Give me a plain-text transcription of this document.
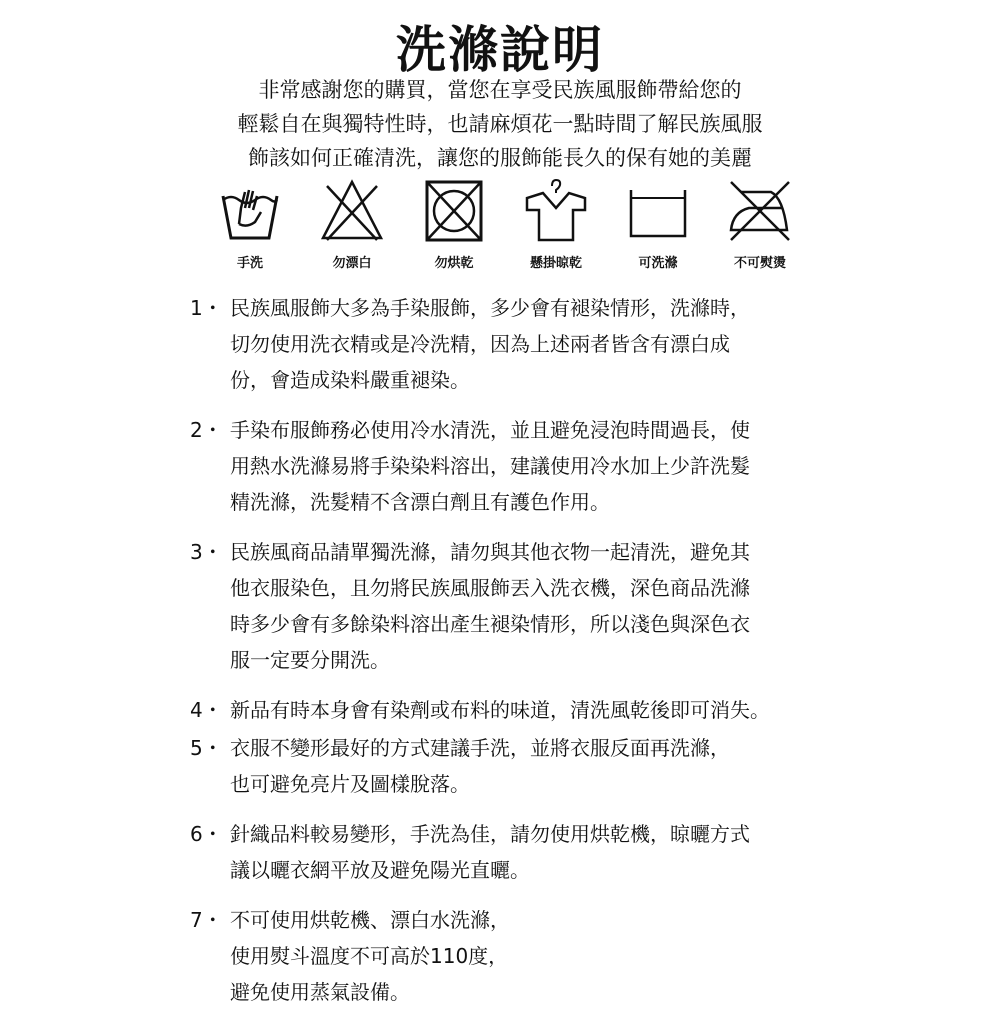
洗滌說明
非常感謝您的購買，當您在享受民族風服飾帶給您的
輕鬆自在與獨特性時，也請麻煩花一點時間了解民族風服
飾該如何正確清洗，讓您的服飾能長久的保有她的美麗
手洗	勿漂白	勿烘乾	懸掛晾乾	可洗滌	不可熨燙
1・ 民族風服飾大多為手染服飾，多少會有褪染情形，洗滌時，
切勿使用洗衣精或是冷洗精，因為上述兩者皆含有漂白成
份，會造成染料嚴重褪染。
2・ 手染布服飾務必使用冷水清洗，並且避免浸泡時間過長，使
用熱水洗滌易將手染染料溶出，建議使用冷水加上少許洗髮
精洗滌，洗髮精不含漂白劑且有護色作用。
3・ 民族風商品請單獨洗滌，請勿與其他衣物一起清洗，避免其
他衣服染色，且勿將民族風服飾丟入洗衣機，深色商品洗滌
時多少會有多餘染料溶出產生褪染情形，所以淺色與深色衣
服一定要分開洗。
4・ 新品有時本身會有染劑或布料的味道，清洗風乾後即可消失。
5・ 衣服不變形最好的方式建議手洗，並將衣服反面再洗滌，
也可避免亮片及圖樣脫落。
6・ 針織品料較易變形，手洗為佳，請勿使用烘乾機，晾曬方式
議以曬衣網平放及避免陽光直曬。
7・ 不可使用烘乾機、漂白水洗滌，
使用熨斗溫度不可高於110度，
避免使用蒸氣設備。
